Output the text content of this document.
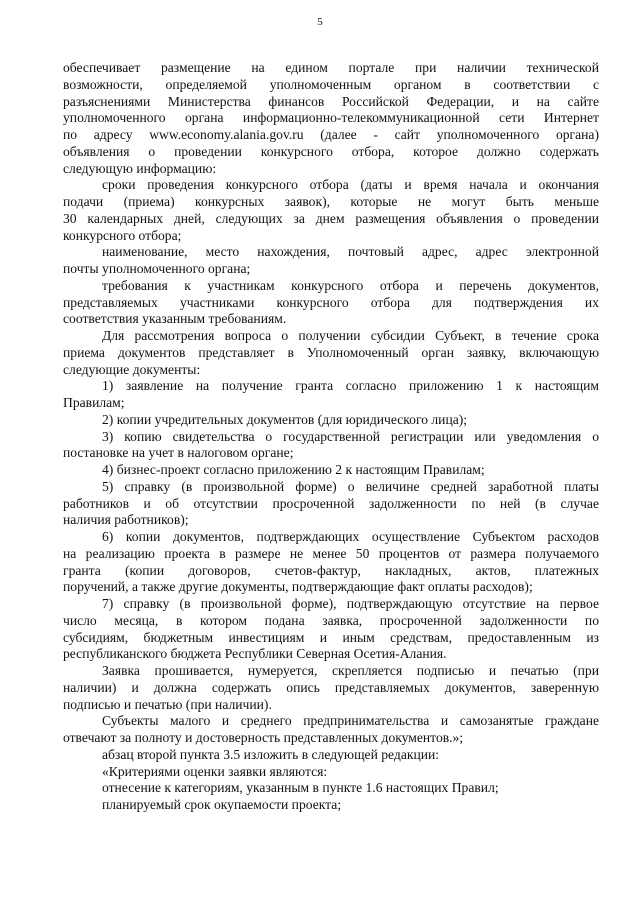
5
обеспечивает размещение на едином портале при наличии технической
возможности, определяемой уполномоченным органом в соответствии с
разъяснениями Министерства финансов Российской Федерации, и на сайте
уполномоченного органа информационно-телекоммуникационной сети Интернет
по адресу www.economy.alania.gov.ru (далее - сайт уполномоченного органа)
объявления о проведении конкурсного отбора, которое должно содержать
следующую информацию:
сроки проведения конкурсного отбора (даты и время начала и окончания
подачи (приема) конкурсных заявок), которые не могут быть меньше
30 календарных дней, следующих за днем размещения объявления о проведении
конкурсного отбора;
наименование, место нахождения, почтовый адрес, адрес электронной
почты уполномоченного органа;
требования к участникам конкурсного отбора и перечень документов,
представляемых участниками конкурсного отбора для подтверждения их
соответствия указанным требованиям.
Для рассмотрения вопроса о получении субсидии Субъект, в течение срока
приема документов представляет в Уполномоченный орган заявку, включающую
следующие документы:
1) заявление на получение гранта согласно приложению 1 к настоящим
Правилам;
2) копии учредительных документов (для юридического лица);
3) копию свидетельства о государственной регистрации или уведомления о
постановке на учет в налоговом органе;
4) бизнес-проект согласно приложению 2 к настоящим Правилам;
5) справку (в произвольной форме) о величине средней заработной платы
работников и об отсутствии просроченной задолженности по ней (в случае
наличия работников);
6) копии документов, подтверждающих осуществление Субъектом расходов
на реализацию проекта в размере не менее 50 процентов от размера получаемого
гранта (копии договоров, счетов-фактур, накладных, актов, платежных
поручений, а также другие документы, подтверждающие факт оплаты расходов);
7) справку (в произвольной форме), подтверждающую отсутствие на первое
число месяца, в котором подана заявка, просроченной задолженности по
субсидиям, бюджетным инвестициям и иным средствам, предоставленным из
республиканского бюджета Республики Северная Осетия-Алания.
Заявка прошивается, нумеруется, скрепляется подписью и печатью (при
наличии) и должна содержать опись представляемых документов, заверенную
подписью и печатью (при наличии).
Субъекты малого и среднего предпринимательства и самозанятые граждане
отвечают за полноту и достоверность представленных документов.»;
абзац второй пункта 3.5 изложить в следующей редакции:
«Критериями оценки заявки являются:
отнесение к категориям, указанным в пункте 1.6 настоящих Правил;
планируемый срок окупаемости проекта;
